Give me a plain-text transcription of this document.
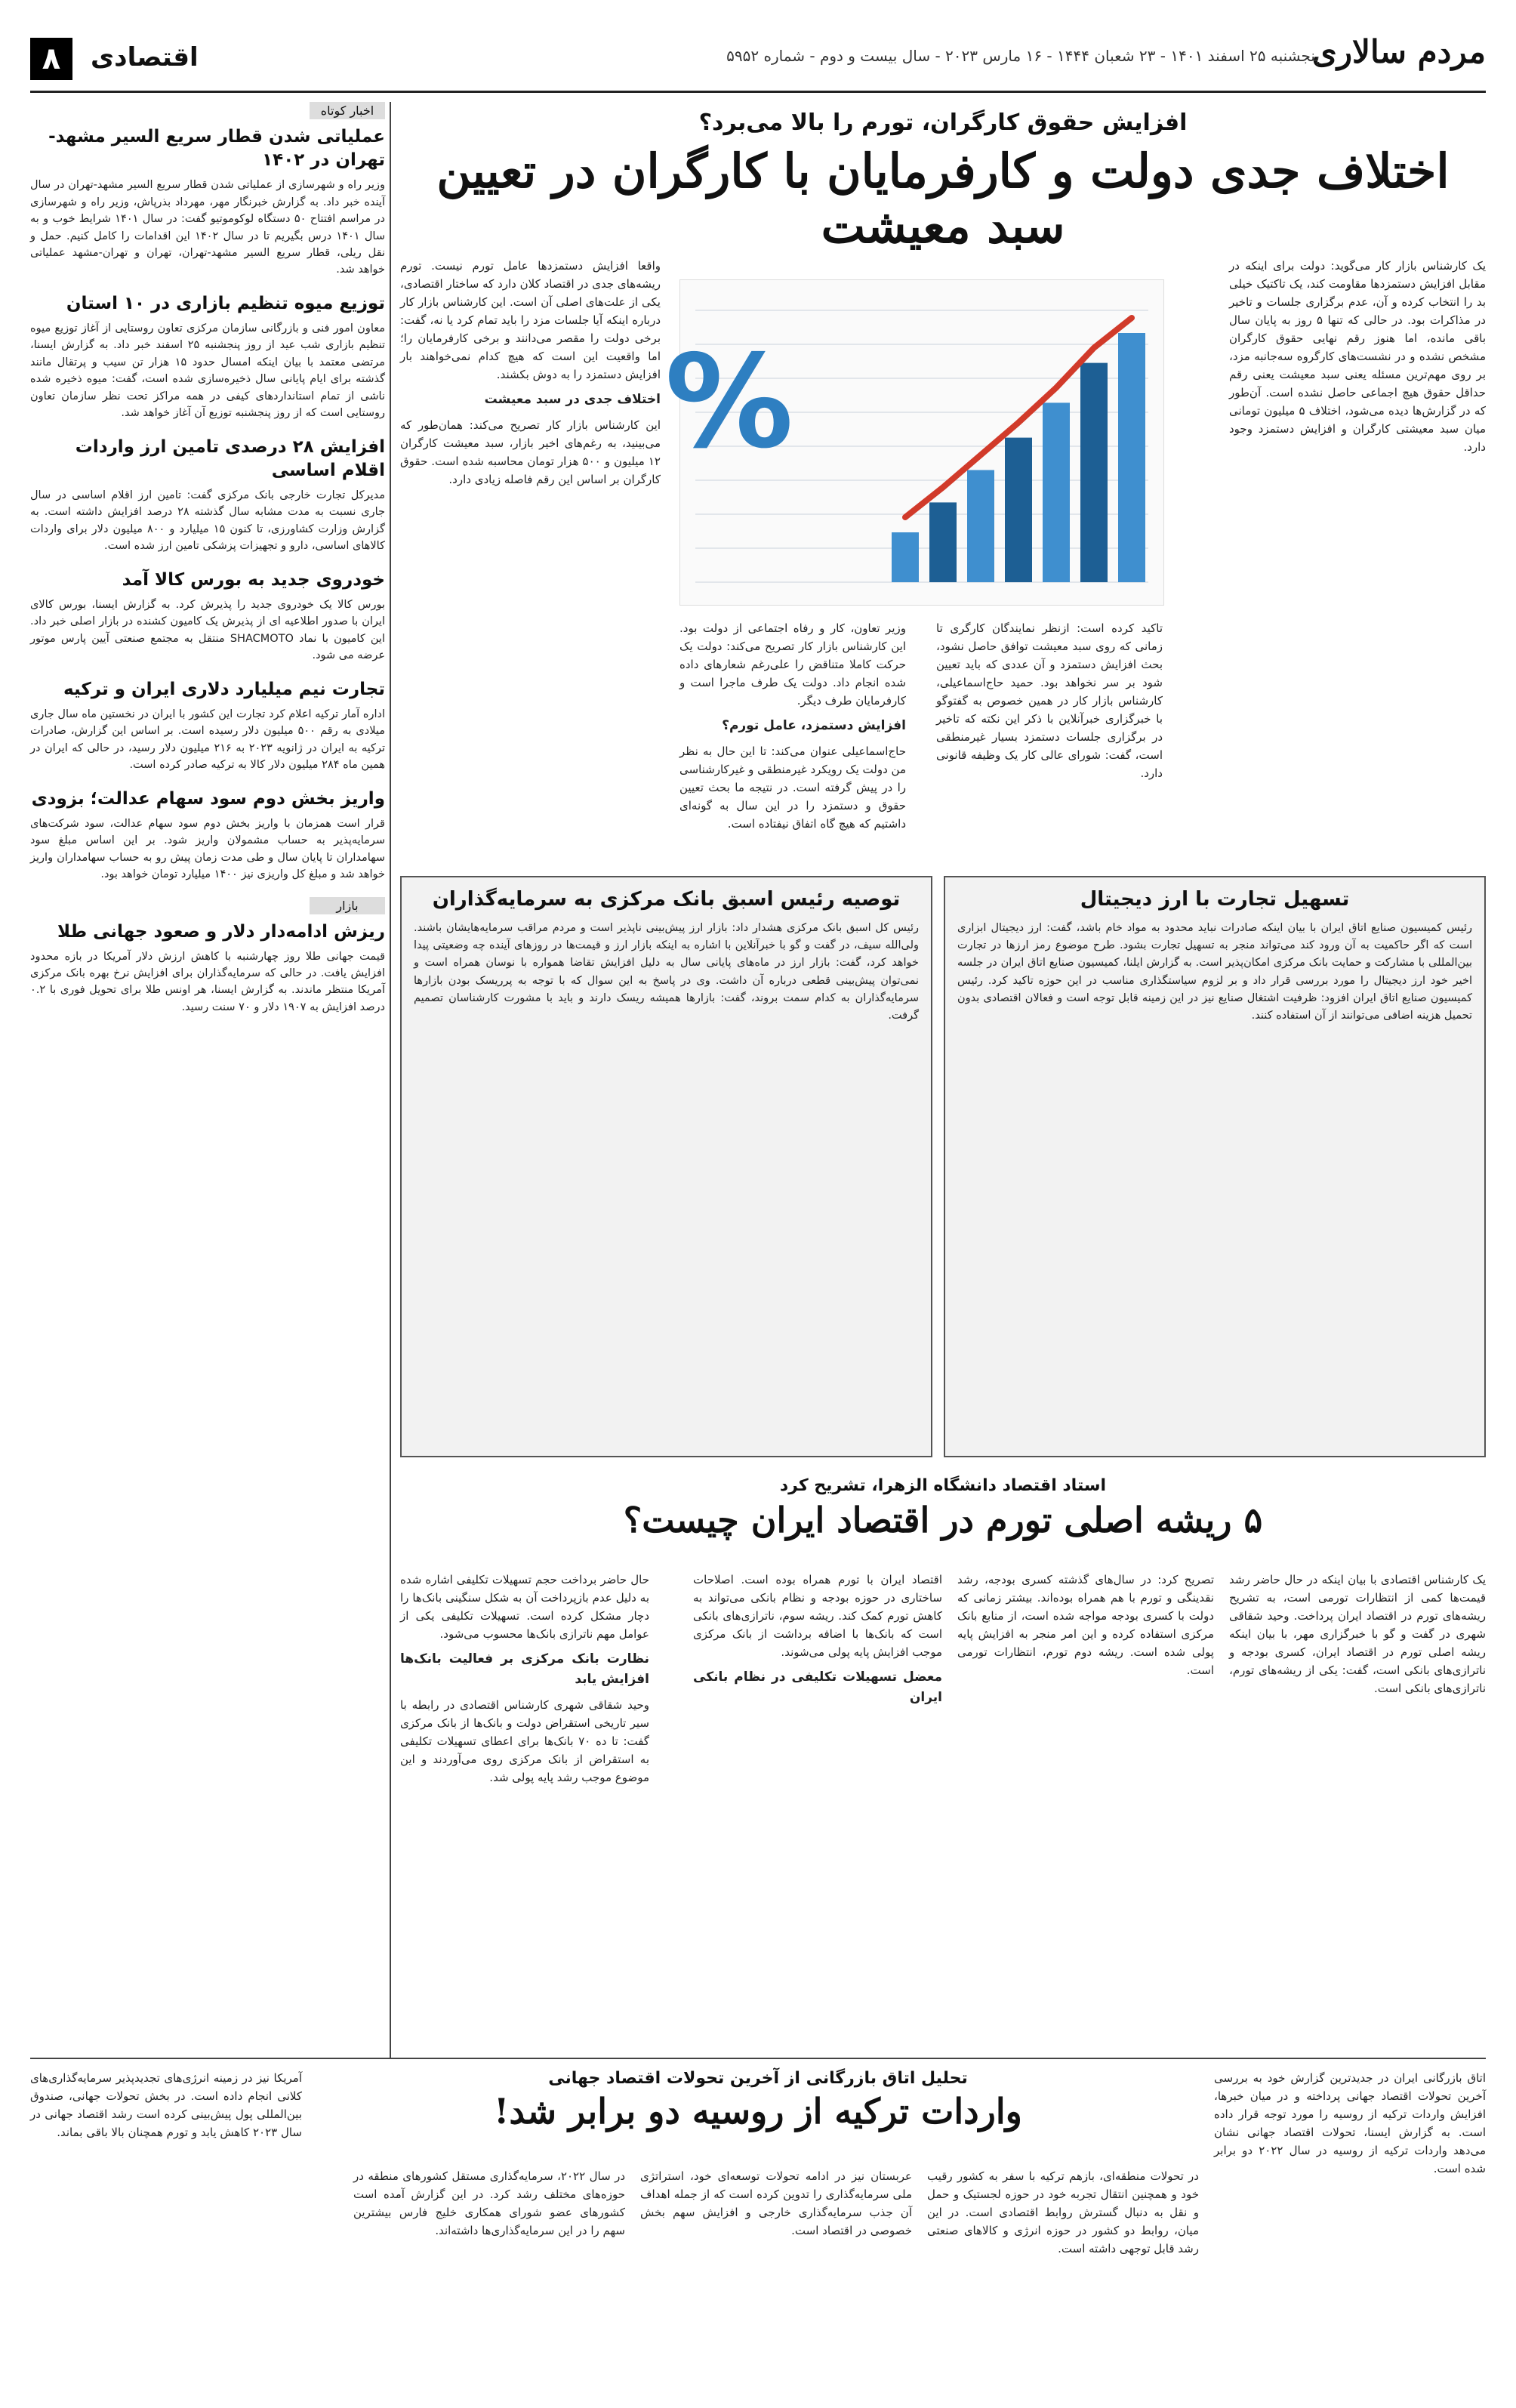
مردم سالاری
پنجشنبه ۲۵ اسفند ۱۴۰۱ - ۲۳ شعبان ۱۴۴۴ - ۱۶ مارس ۲۰۲۳ - سال بیست و دوم - شماره ۵۹۵۲
اقتصادی
۸
اخبار کوتاه
عملیاتی شدن قطار سریع السیر مشهد-تهران در ۱۴۰۲
وزیر راه و شهرسازی از عملیاتی شدن قطار سریع السیر مشهد-تهران در سال آینده خبر داد. به گزارش خبرنگار مهر، مهرداد بذرپاش، وزیر راه و شهرسازی در مراسم افتتاح ۵۰ دستگاه لوکوموتیو گفت: در سال ۱۴۰۱ شرایط خوب و به سال ۱۴۰۱ درس بگیریم تا در سال ۱۴۰۲ این اقدامات را کامل کنیم. حمل و نقل ریلی، قطار سریع السیر مشهد-تهران، تهران و تهران-مشهد عملیاتی خواهد شد.
توزیع میوه تنظیم بازاری در ۱۰ استان
معاون امور فنی و بازرگانی سازمان مرکزی تعاون روستایی از آغاز توزیع میوه تنظیم بازاری شب عید از روز پنجشنبه ۲۵ اسفند خبر داد. به گزارش ایسنا، مرتضی معتمد با بیان اینکه امسال حدود ۱۵ هزار تن سیب و پرتقال مانند گذشته برای ایام پایانی سال ذخیره‌سازی شده است، گفت: میوه ذخیره شده ناشی از تمام استانداردهای کیفی در همه مراکز تحت نظر سازمان تعاون روستایی است که از روز پنجشنبه توزیع آن آغاز خواهد شد.
افزایش ۲۸ درصدی تامین ارز واردات اقلام اساسی
مدیرکل تجارت خارجی بانک مرکزی گفت: تامین ارز اقلام اساسی در سال جاری نسبت به مدت مشابه سال گذشته ۲۸ درصد افزایش داشته است. به گزارش وزارت کشاورزی، تا کنون ۱۵ میلیارد و ۸۰۰ میلیون دلار برای واردات کالاهای اساسی، دارو و تجهیزات پزشکی تامین ارز شده است.
خودروی جدید به بورس کالا آمد
بورس کالا یک خودروی جدید را پذیرش کرد. به گزارش ایسنا، بورس کالای ایران با صدور اطلاعیه ای از پذیرش یک کامیون کشنده در بازار اصلی خبر داد. این کامیون با نماد SHACMOTO منتقل به مجتمع صنعتی آیین پارس موتور عرضه می شود.
تجارت نیم میلیارد دلاری ایران و ترکیه
اداره آمار ترکیه اعلام کرد تجارت این کشور با ایران در نخستین ماه سال جاری میلادی به رقم ۵۰۰ میلیون دلار رسیده است. بر اساس این گزارش، صادرات ترکیه به ایران در ژانویه ۲۰۲۳ به ۲۱۶ میلیون دلار رسید، در حالی که ایران در همین ماه ۲۸۴ میلیون دلار کالا به ترکیه صادر کرده است.
واریز بخش دوم سود سهام عدالت؛ بزودی
قرار است همزمان با واریز بخش دوم سود سهام عدالت، سود شرکت‌های سرمایه‌پذیر به حساب مشمولان واریز شود. بر این اساس مبلغ سود سهامداران تا پایان سال و طی مدت زمان پیش رو به حساب سهامداران واریز خواهد شد و مبلغ کل واریزی نیز ۱۴۰۰ میلیارد تومان خواهد بود.
بازار
ریزش ادامه‌دار دلار و صعود جهانی طلا
قیمت جهانی طلا روز چهارشنبه با کاهش ارزش دلار آمریکا در بازه محدود افزایش یافت. در حالی که سرمایه‌گذاران برای افزایش نرخ بهره بانک مرکزی آمریکا منتظر ماندند. به گزارش ایسنا، هر اونس طلا برای تحویل فوری با ۰.۲ درصد افزایش به ۱۹۰۷ دلار و ۷۰ سنت رسید.
افزایش حقوق کارگران، تورم را بالا می‌برد؟
اختلاف جدی دولت و کارفرمایان با کارگران در تعیین سبد معیشت
یک کارشناس بازار کار می‌گوید: دولت برای اینکه در مقابل افزایش دستمزدها مقاومت کند، یک تاکتیک خیلی بد را انتخاب کرده و آن، عدم برگزاری جلسات و تاخیر در مذاکرات بود. در حالی که تنها ۵ روز به پایان سال باقی مانده، اما هنوز رقم نهایی حقوق کارگران مشخص نشده و در نشست‌های کارگروه سه‌جانبه مزد، بر روی مهم‌ترین مسئله یعنی سبد معیشت یعنی رقم حداقل حقوق هیچ اجماعی حاصل نشده است. آن‌طور که در گزارش‌ها دیده می‌شود، اختلاف ۵ میلیون تومانی میان سبد معیشتی کارگران و افزایش دستمزد وجود دارد.
واقعا افزایش دستمزدها عامل تورم نیست. تورم ریشه‌های جدی در اقتصاد کلان دارد که ساختار اقتصادی، یکی از علت‌های اصلی آن است. این کارشناس بازار کار درباره اینکه آیا جلسات مزد را باید تمام کرد یا نه، گفت: برخی دولت را مقصر می‌دانند و برخی کارفرمایان را؛ اما واقعیت این است که هیچ کدام نمی‌خواهند بار افزایش دستمزد را به دوش بکشند.
اختلاف جدی در سبد معیشت
این کارشناس بازار کار تصریح می‌کند: همان‌طور که می‌بینید، به رغم‌های اخیر بازار، سبد معیشت کارگران ۱۲ میلیون و ۵۰۰ هزار تومان محاسبه شده است. حقوق کارگران بر اساس این رقم فاصله زیادی دارد.
وزیر تعاون، کار و رفاه اجتماعی از دولت بود. این کارشناس بازار کار تصریح می‌کند: دولت یک حرکت کاملا متناقض را علی‌رغم شعارهای داده شده انجام داد. دولت یک طرف ماجرا است و کارفرمایان طرف دیگر.
افزایش دستمزد، عامل تورم؟
حاج‌اسماعیلی عنوان می‌کند: تا این حال به نظر من دولت یک رویکرد غیرمنطقی و غیرکارشناسی را در پیش گرفته است. در نتیجه ما بحث تعیین حقوق و دستمزد را در این سال به گونه‌ای داشتیم که هیچ گاه اتفاق نیفتاده است.
تاکید کرده است: ازنظر نمایندگان کارگری تا زمانی که روی سبد معیشت توافق حاصل نشود، بحث افزایش دستمزد و آن عددی که باید تعیین شود بر سر نخواهد بود. حمید حاج‌اسماعیلی، کارشناس بازار کار در همین خصوص به گفتوگو با خبرگزاری خبرآنلاین با ذکر این نکته که تاخیر در برگزاری جلسات دستمزد بسیار غیرمنطقی است، گفت: شورای عالی کار یک وظیفه قانونی دارد.
%
تسهیل تجارت با ارز دیجیتال
رئیس کمیسیون صنایع اتاق ایران با بیان اینکه صادرات نباید محدود به مواد خام باشد، گفت: ارز دیجیتال ابزاری است که اگر حاکمیت به آن ورود کند می‌تواند منجر به تسهیل تجارت بشود. طرح موضوع رمز ارزها در تجارت بین‌المللی با مشارکت و حمایت بانک مرکزی امکان‌پذیر است. به گزارش ایلنا، کمیسیون صنایع اتاق ایران در جلسه اخیر خود ارز دیجیتال را مورد بررسی قرار داد و بر لزوم سیاستگذاری مناسب در این حوزه تاکید کرد. رئیس کمیسیون صنایع اتاق ایران افزود: ظرفیت اشتغال صنایع نیز در این زمینه قابل توجه است و فعالان اقتصادی بدون تحمیل هزینه اضافی می‌توانند از آن استفاده کنند.
توصیه رئیس اسبق بانک مرکزی به سرمایه‌گذاران
رئیس کل اسبق بانک مرکزی هشدار داد: بازار ارز پیش‌بینی ناپذیر است و مردم مراقب سرمایه‌هایشان باشند. ولی‌الله سیف، در گفت و گو با خبرآنلاین با اشاره به اینکه بازار ارز و قیمت‌ها در روزهای آینده چه وضعیتی پیدا خواهد کرد، گفت: بازار ارز در ماه‌های پایانی سال به دلیل افزایش تقاضا همواره با نوسان همراه است و نمی‌توان پیش‌بینی قطعی درباره آن داشت. وی در پاسخ به این سوال که با توجه به پرریسک بودن بازارها سرمایه‌گذاران به کدام سمت بروند، گفت: بازارها همیشه ریسک دارند و باید با مشورت کارشناسان تصمیم گرفت.
استاد اقتصاد دانشگاه الزهرا، تشریح کرد
۵ ریشه اصلی تورم در اقتصاد ایران چیست؟
یک کارشناس اقتصادی با بیان اینکه در حال حاضر رشد قیمت‌ها کمی از انتظارات تورمی است، به تشریح ریشه‌های تورم در اقتصاد ایران پرداخت. وحید شقاقی شهری در گفت و گو با خبرگزاری مهر، با بیان اینکه ریشه اصلی تورم در اقتصاد ایران، کسری بودجه و ناترازی‌های بانکی است، گفت: یکی از ریشه‌های تورم، ناترازی‌های بانکی است.
تصریح کرد: در سال‌های گذشته کسری بودجه، رشد نقدینگی و تورم با هم همراه بوده‌اند. بیشتر زمانی که دولت با کسری بودجه مواجه شده است، از منابع بانک مرکزی استفاده کرده و این امر منجر به افزایش پایه پولی شده است. ریشه دوم تورم، انتظارات تورمی است.
اقتصاد ایران با تورم همراه بوده است. اصلاحات ساختاری در حوزه بودجه و نظام بانکی می‌تواند به کاهش تورم کمک کند. ریشه سوم، ناترازی‌های بانکی است که بانک‌ها با اضافه برداشت از بانک مرکزی موجب افزایش پایه پولی می‌شوند.
معضل تسهیلات تکلیفی در نظام بانکی ایران
حال حاضر برداخت حجم تسهیلات تکلیفی اشاره شده به دلیل عدم بازپرداخت آن به شکل سنگینی بانک‌ها را دچار مشکل کرده است. تسهیلات تکلیفی یکی از عوامل مهم ناترازی بانک‌ها محسوب می‌شود.
نظارت بانک مرکزی بر فعالیت بانک‌ها افزایش یابد
وحید شقاقی شهری کارشناس اقتصادی در رابطه با سیر تاریخی استقراض دولت و بانک‌ها از بانک مرکزی گفت: تا ده ۷۰ بانک‌ها برای اعطای تسهیلات تکلیفی به استقراض از بانک مرکزی روی می‌آوردند و این موضوع موجب رشد پایه پولی شد.
تحلیل اتاق بازرگانی از آخرین تحولات اقتصاد جهانی
واردات ترکیه از روسیه دو برابر شد!
اتاق بازرگانی ایران در جدیدترین گزارش خود به بررسی آخرین تحولات اقتصاد جهانی پرداخته و در میان خبرها، افزایش واردات ترکیه از روسیه را مورد توجه قرار داده است. به گزارش ایسنا، تحولات اقتصاد جهانی نشان می‌دهد واردات ترکیه از روسیه در سال ۲۰۲۲ دو برابر شده است.
در تحولات منطقه‌ای، بازهم ترکیه با سفر به کشور رقیب خود و همچنین انتقال تجربه خود در حوزه لجستیک و حمل و نقل به دنبال گسترش روابط اقتصادی است. در این میان، روابط دو کشور در حوزه انرژی و کالاهای صنعتی رشد قابل توجهی داشته است.
عربستان نیز در ادامه تحولات توسعه‌ای خود، استراتژی ملی سرمایه‌گذاری را تدوین کرده است که از جمله اهداف آن جذب سرمایه‌گذاری خارجی و افزایش سهم بخش خصوصی در اقتصاد است.
در سال ۲۰۲۲، سرمایه‌گذاری مستقل کشورهای منطقه در حوزه‌های مختلف رشد کرد. در این گزارش آمده است کشورهای عضو شورای همکاری خلیج فارس بیشترین سهم را در این سرمایه‌گذاری‌ها داشته‌اند.
آمریکا نیز در زمینه انرژی‌های تجدیدپذیر سرمایه‌گذاری‌های کلانی انجام داده است. در بخش تحولات جهانی، صندوق بین‌المللی پول پیش‌بینی کرده است رشد اقتصاد جهانی در سال ۲۰۲۳ کاهش یابد و تورم همچنان بالا باقی بماند.
